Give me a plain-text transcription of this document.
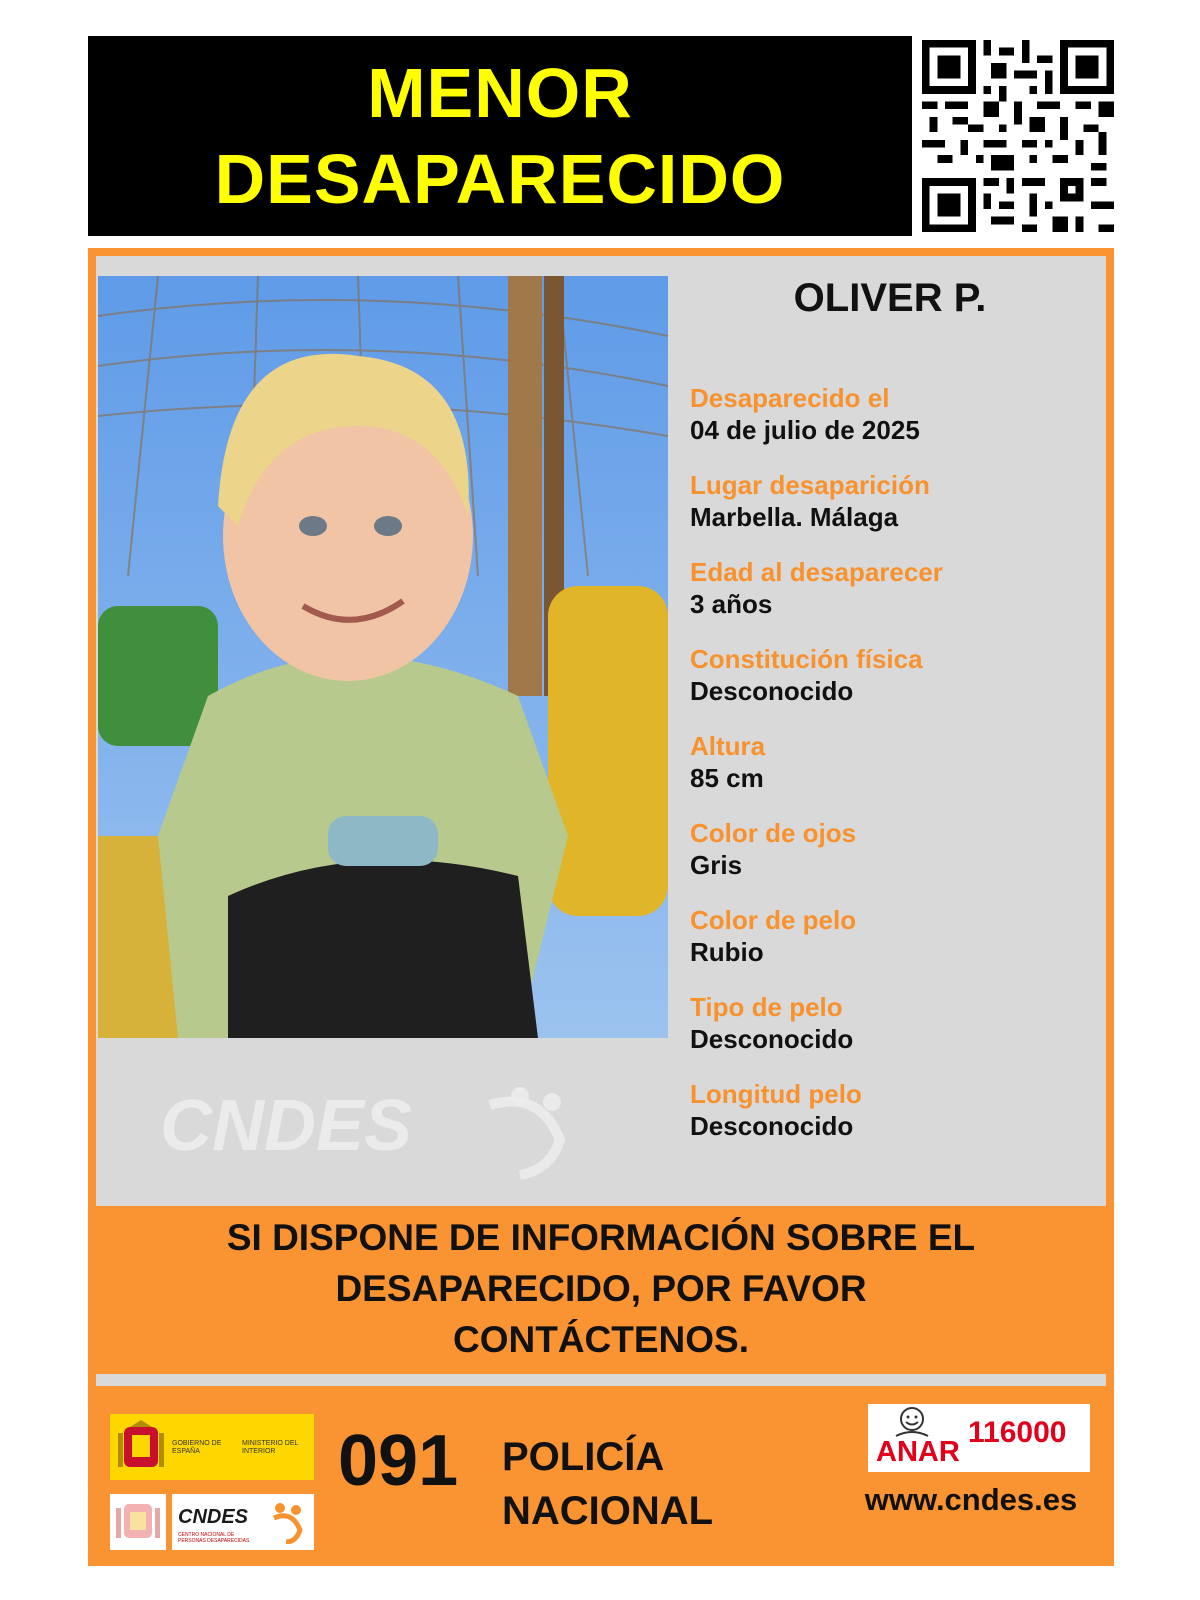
MENOR
DESAPARECIDO
CNDES
OLIVER P.
Desaparecido el
04 de julio de 2025
Lugar desaparición
Marbella. Málaga
Edad al desaparecer
3 años
Constitución física
Desconocido
Altura
85 cm
Color de ojos
Gris
Color de pelo
Rubio
Tipo de pelo
Desconocido
Longitud pelo
Desconocido
SI DISPONE DE INFORMACIÓN SOBRE EL
DESAPARECIDO, POR FAVOR
CONTÁCTENOS.
GOBIERNO DE ESPAÑA
MINISTERIO DEL INTERIOR
CNDES
CENTRO NACIONAL DE PERSONAS DESAPARECIDAS
091 POLICÍA
NACIONAL
ANAR
116000
www.cndes.es
